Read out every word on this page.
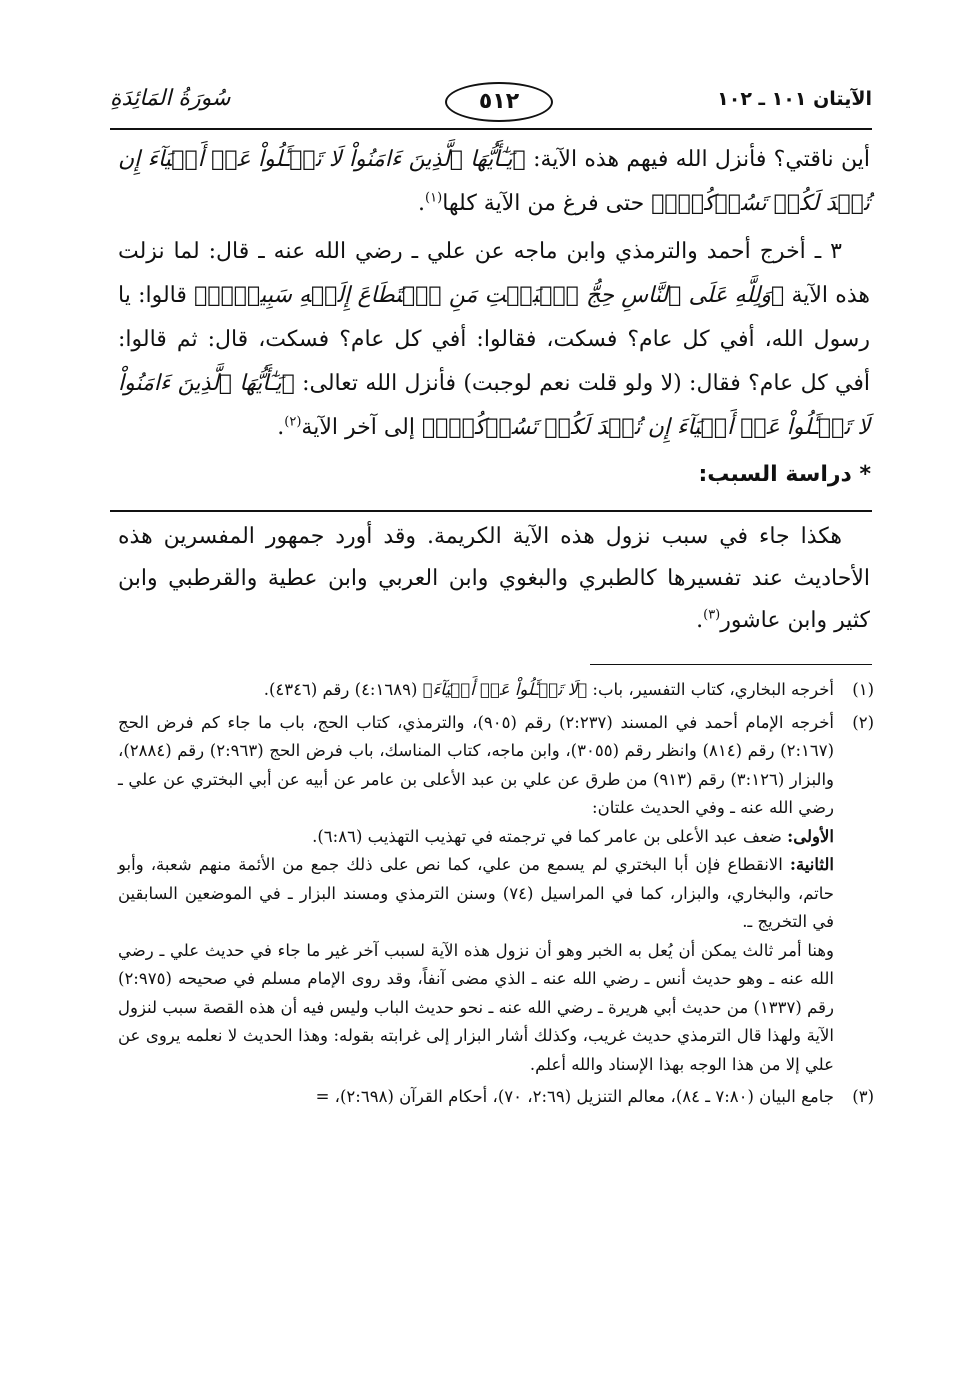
الآيتان ١٠١ ـ ١٠٢
٥١٢
سُورَةُ المَائِدَةِ

أين ناقتي؟ فأنزل الله فيهم هذه الآية: ﴿يَـٰٓأَيُّهَا ٱلَّذِينَ ءَامَنُواْ لَا تَسۡـَٔلُواْ عَنۡ أَشۡيَآءَ إِن تُبۡدَ لَكُمۡ تَسُؤۡكُمۡۖ﴾ حتى فرغ من الآية كلها$^{(١)}$.

٣ ـ أخرج أحمد والترمذي وابن ماجه عن علي ـ رضي الله عنه ـ قال: لما نزلت هذه الآية ﴿وَلِلَّهِ عَلَى ٱلنَّاسِ حِجُّ ٱلۡبَيۡتِ مَنِ ٱسۡتَطَاعَ إِلَيۡهِ سَبِيلٗاۚ﴾ قالوا: يا رسول الله، أفي كل عام؟ فسكت، فقالوا: أفي كل عام؟ فسكت، قال: ثم قالوا: أفي كل عام؟ فقال: (لا ولو قلت نعم لوجبت) فأنزل الله تعالى: ﴿يَـٰٓأَيُّهَا ٱلَّذِينَ ءَامَنُواْ لَا تَسۡـَٔلُواْ عَنۡ أَشۡيَآءَ إِن تُبۡدَ لَكُمۡ تَسُؤۡكُمۡۖ﴾ إلى آخر الآية$^{(٢)}$.

* دراسة السبب:

هكذا جاء في سبب نزول هذه الآية الكريمة. وقد أورد جمهور المفسرين هذه الأحاديث عند تفسيرها كالطبري والبغوي وابن العربي وابن عطية والقرطبي وابن كثير وابن عاشور$^{(٣)}$.

(١)
أخرجه البخاري، كتاب التفسير، باب: ﴿لَا تَسۡـَٔلُواْ عَنۡ أَشۡيَآءَ﴾ (٤:١٦٨٩) رقم (٤٣٤٦).
(٢)

أخرجه الإمام أحمد في المسند (٢:٢٣٧) رقم (٩٠٥)، والترمذي، كتاب الحج، باب ما جاء كم فرض الحج (٢:١٦٧) رقم (٨١٤) وانظر رقم (٣٠٥٥)، وابن ماجه، كتاب المناسك، باب فرض الحج (٢:٩٦٣) رقم (٢٨٨٤)، والبزار (٣:١٢٦) رقم (٩١٣) من طرق عن علي بن عبد الأعلى بن عامر عن أبيه عن أبي البختري عن علي ـ رضي الله عنه ـ وفي الحديث علتان:

الأولى: ضعف عبد الأعلى بن عامر كما في ترجمته في تهذيب التهذيب (٦:٨٦).

الثانية: الانقطاع فإن أبا البختري لم يسمع من علي، كما نص على ذلك جمع من الأئمة منهم شعبة، وأبو حاتم، والبخاري، والبزار، كما في المراسيل (٧٤) وسنن الترمذي ومسند البزار ـ في الموضعين السابقين في التخريج ـ.

وهنا أمر ثالث يمكن أن يُعل به الخبر وهو أن نزول هذه الآية لسبب آخر غير ما جاء في حديث علي ـ رضي الله عنه ـ وهو حديث أنس ـ رضي الله عنه ـ الذي مضى آنفاً، وقد روى الإمام مسلم في صحيحه (٢:٩٧٥) رقم (١٣٣٧) من حديث أبي هريرة ـ رضي الله عنه ـ نحو حديث الباب وليس فيه أن هذه القصة سبب لنزول الآية ولهذا قال الترمذي حديث غريب، وكذلك أشار البزار إلى غرابته بقوله: وهذا الحديث لا نعلمه يروى عن علي إلا من هذا الوجه بهذا الإسناد والله أعلم.

(٣)
جامع البيان (٧:٨٠ ـ ٨٤)، معالم التنزيل (٢:٦٩، ٧٠)، أحكام القرآن (٢:٦٩٨)، =
